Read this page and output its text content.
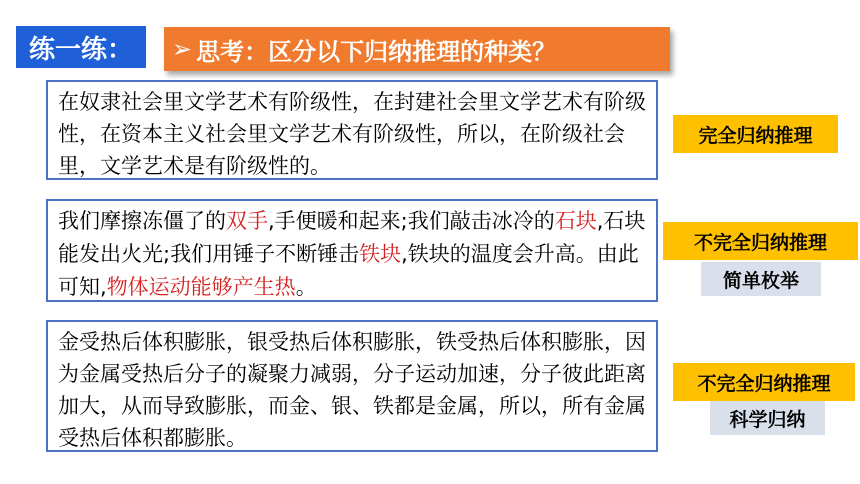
练一练：	➢ 思考：区分以下归纳推理的种类？
在奴隶社会里文学艺术有阶级性，在封建社会里文学艺术有阶级性，在资本主义社会里文学艺术有阶级性，所以，在阶级社会里，文学艺术是有阶级性的。
完全归纳推理
我们摩擦冻僵了的双手,手便暖和起来;我们敲击冰冷的石块,石块能发出火光;我们用锤子不断锤击铁块,铁块的温度会升高。由此可知,物体运动能够产生热。
不完全归纳推理
简单枚举
金受热后体积膨胀，银受热后体积膨胀，铁受热后体积膨胀，因为金属受热后分子的凝聚力减弱，分子运动加速，分子彼此距离加大，从而导致膨胀，而金、银、铁都是金属，所以，所有金属受热后体积都膨胀。
不完全归纳推理
科学归纳
